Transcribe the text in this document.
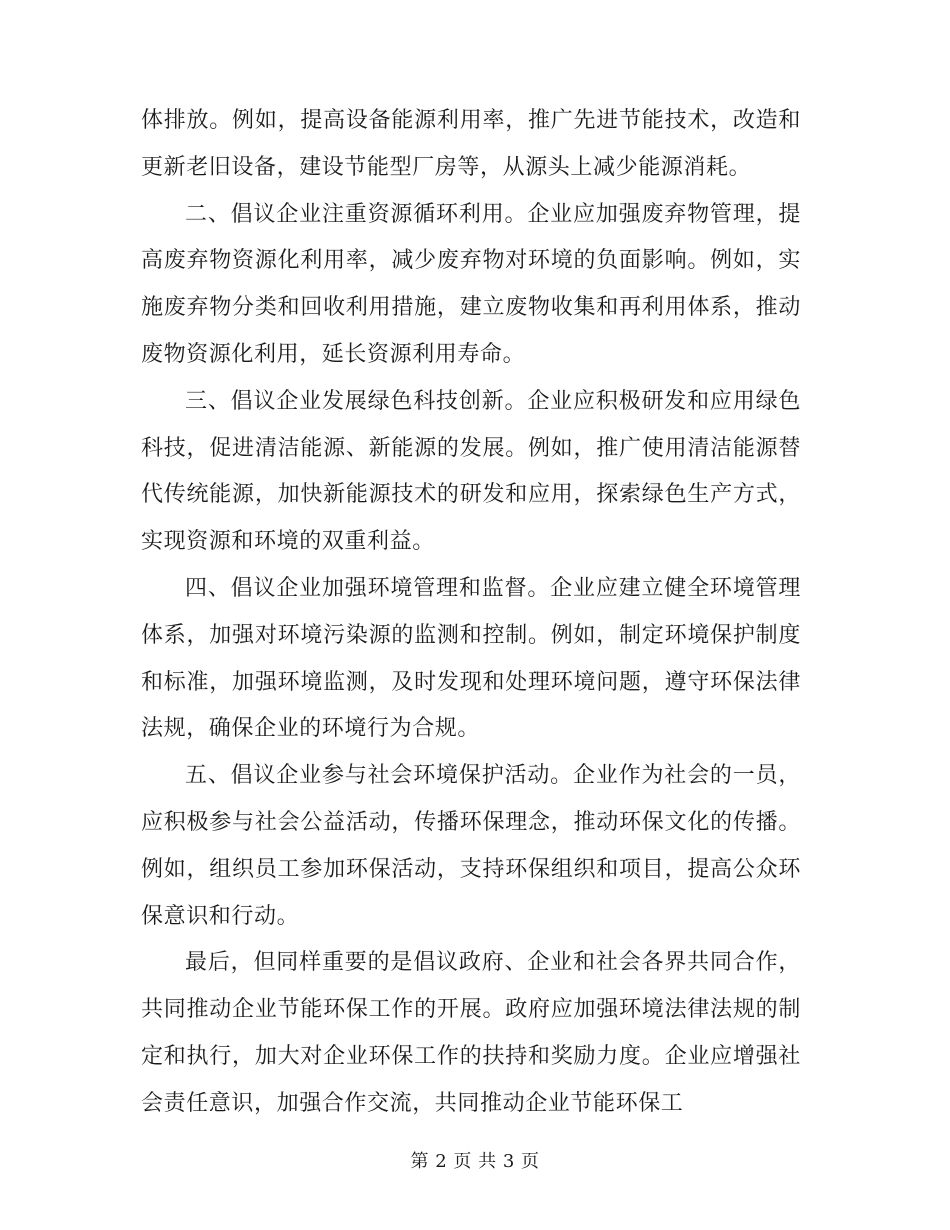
体排放。例如，提高设备能源利用率，推广先进节能技术，改造和更新老旧设备，建设节能型厂房等，从源头上减少能源消耗。

二、倡议企业注重资源循环利用。企业应加强废弃物管理，提高废弃物资源化利用率，减少废弃物对环境的负面影响。例如，实施废弃物分类和回收利用措施，建立废物收集和再利用体系，推动废物资源化利用，延长资源利用寿命。

三、倡议企业发展绿色科技创新。企业应积极研发和应用绿色科技，促进清洁能源、新能源的发展。例如，推广使用清洁能源替代传统能源，加快新能源技术的研发和应用，探索绿色生产方式，实现资源和环境的双重利益。

四、倡议企业加强环境管理和监督。企业应建立健全环境管理体系，加强对环境污染源的监测和控制。例如，制定环境保护制度和标准，加强环境监测，及时发现和处理环境问题，遵守环保法律法规，确保企业的环境行为合规。

五、倡议企业参与社会环境保护活动。企业作为社会的一员，应积极参与社会公益活动，传播环保理念，推动环保文化的传播。例如，组织员工参加环保活动，支持环保组织和项目，提高公众环保意识和行动。

最后，但同样重要的是倡议政府、企业和社会各界共同合作，共同推动企业节能环保工作的开展。政府应加强环境法律法规的制定和执行，加大对企业环保工作的扶持和奖励力度。企业应增强社会责任意识，加强合作交流，共同推动企业节能环保工

第 2 页 共 3 页
